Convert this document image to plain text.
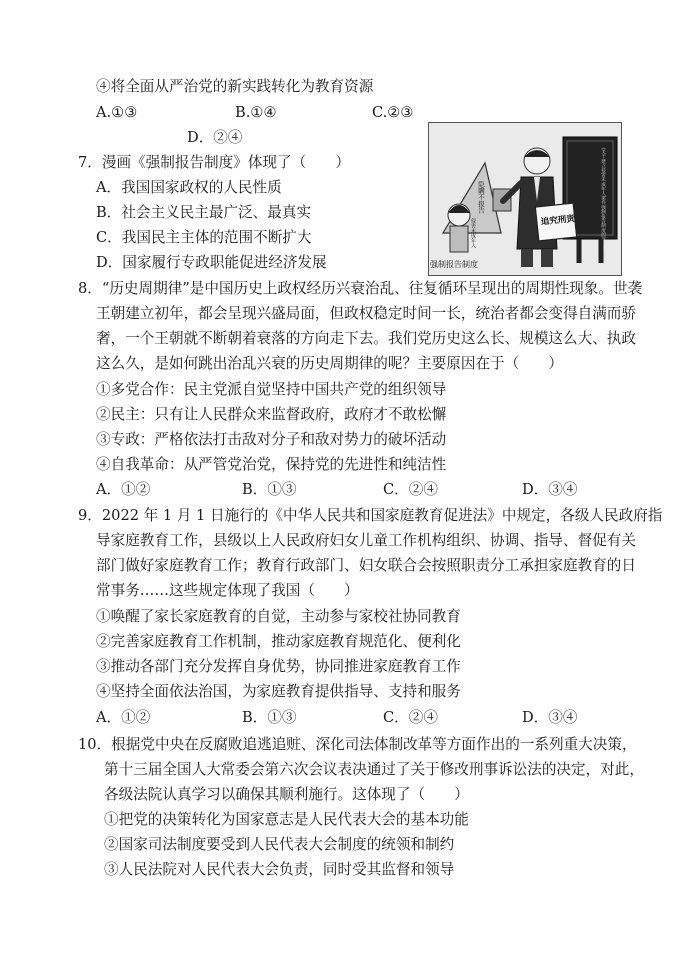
④将全面从严治党的新实践转化为教育资源
A.①③	B.①④	C.②③
D．②④
7．漫画《强制报告制度》体现了（　　）
A．我国国家政权的人民性质
B．社会主义民主最广泛、最真实
C．我国民主主体的范围不断扩大
D．国家履行专政职能促进经济发展
隐瞒不报告
侵害未成年人	《关于建立侵害未成年人案件强制报告制度的意见（试行）》
追究刑责
强制报告制度
8．“历史周期律”是中国历史上政权经历兴衰治乱、往复循环呈现出的周期性现象。世袭
王朝建立初年，都会呈现兴盛局面，但政权稳定时间一长，统治者都会变得自满而骄
奢，一个王朝就不断朝着衰落的方向走下去。我们党历史这么长、规模这么大、执政
这么久，是如何跳出治乱兴衰的历史周期律的呢？主要原因在于（　　）
①多党合作：民主党派自觉坚持中国共产党的组织领导
②民主：只有让人民群众来监督政府，政府才不敢松懈
③专政：严格依法打击敌对分子和敌对势力的破坏活动
④自我革命：从严管党治党，保持党的先进性和纯洁性
A．①②	B．①③	C．②④	D．③④
9．2022 年 1 月 1 日施行的《中华人民共和国家庭教育促进法》中规定，各级人民政府指
导家庭教育工作，县级以上人民政府妇女儿童工作机构组织、协调、指导、督促有关
部门做好家庭教育工作；教育行政部门、妇女联合会按照职责分工承担家庭教育的日
常事务……这些规定体现了我国（　　）
①唤醒了家长家庭教育的自觉，主动参与家校社协同教育
②完善家庭教育工作机制，推动家庭教育规范化、便利化
③推动各部门充分发挥自身优势，协同推进家庭教育工作
④坚持全面依法治国，为家庭教育提供指导、支持和服务
A．①②	B．①③	C．②④	D．③④
10．根据党中央在反腐败追逃追赃、深化司法体制改革等方面作出的一系列重大决策，
第十三届全国人大常委会第六次会议表决通过了关于修改刑事诉讼法的决定，对此，
各级法院认真学习以确保其顺利施行。这体现了（　　）
①把党的决策转化为国家意志是人民代表大会的基本功能
②国家司法制度要受到人民代表大会制度的统领和制约
③人民法院对人民代表大会负责，同时受其监督和领导
